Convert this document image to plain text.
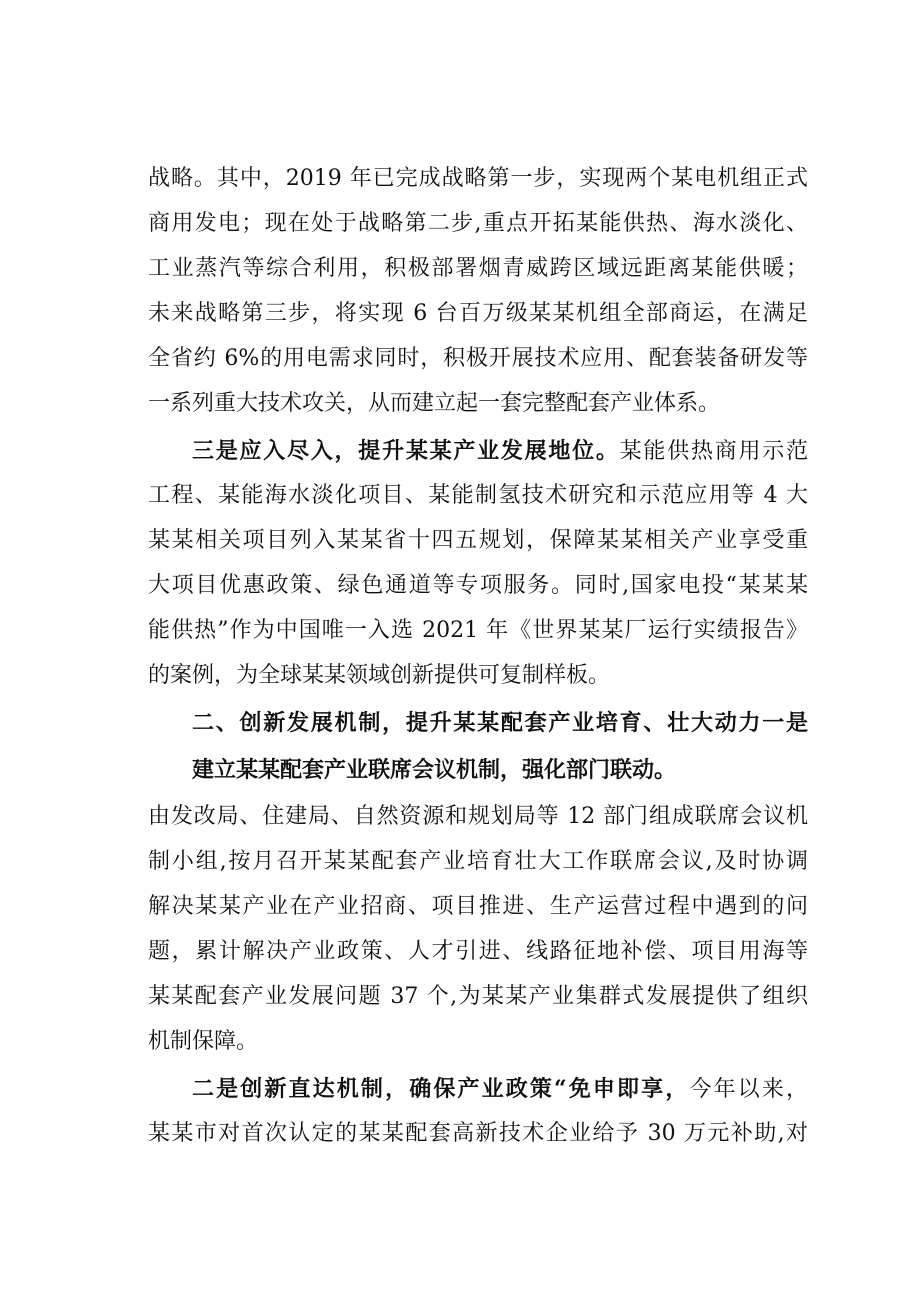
战略。其中，2019 年已完成战略第一步，实现两个某电机组正式
商用发电；现在处于战略第二步,重点开拓某能供热、海水淡化、
工业蒸汽等综合利用，积极部署烟青威跨区域远距离某能供暖；
未来战略第三步，将实现 6 台百万级某某机组全部商运，在满足
全省约 6%的用电需求同时，积极开展技术应用、配套装备研发等
一系列重大技术攻关，从而建立起一套完整配套产业体系。
三是应入尽入，提升某某产业发展地位。某能供热商用示范
工程、某能海水淡化项目、某能制氢技术研究和示范应用等 4 大
某某相关项目列入某某省十四五规划，保障某某相关产业享受重
大项目优惠政策、绿色通道等专项服务。同时,国家电投“某某某
能供热”作为中国唯一入选 2021 年《世界某某厂运行实绩报告》
的案例，为全球某某领域创新提供可复制样板。
二、创新发展机制，提升某某配套产业培育、壮大动力一是
建立某某配套产业联席会议机制，强化部门联动。
由发改局、住建局、自然资源和规划局等 12 部门组成联席会议机
制小组,按月召开某某配套产业培育壮大工作联席会议,及时协调
解决某某产业在产业招商、项目推进、生产运营过程中遇到的问
题，累计解决产业政策、人才引进、线路征地补偿、项目用海等
某某配套产业发展问题 37 个,为某某产业集群式发展提供了组织
机制保障。
二是创新直达机制，确保产业政策“免申即享，今年以来，
某某市对首次认定的某某配套高新技术企业给予 30 万元补助,对
